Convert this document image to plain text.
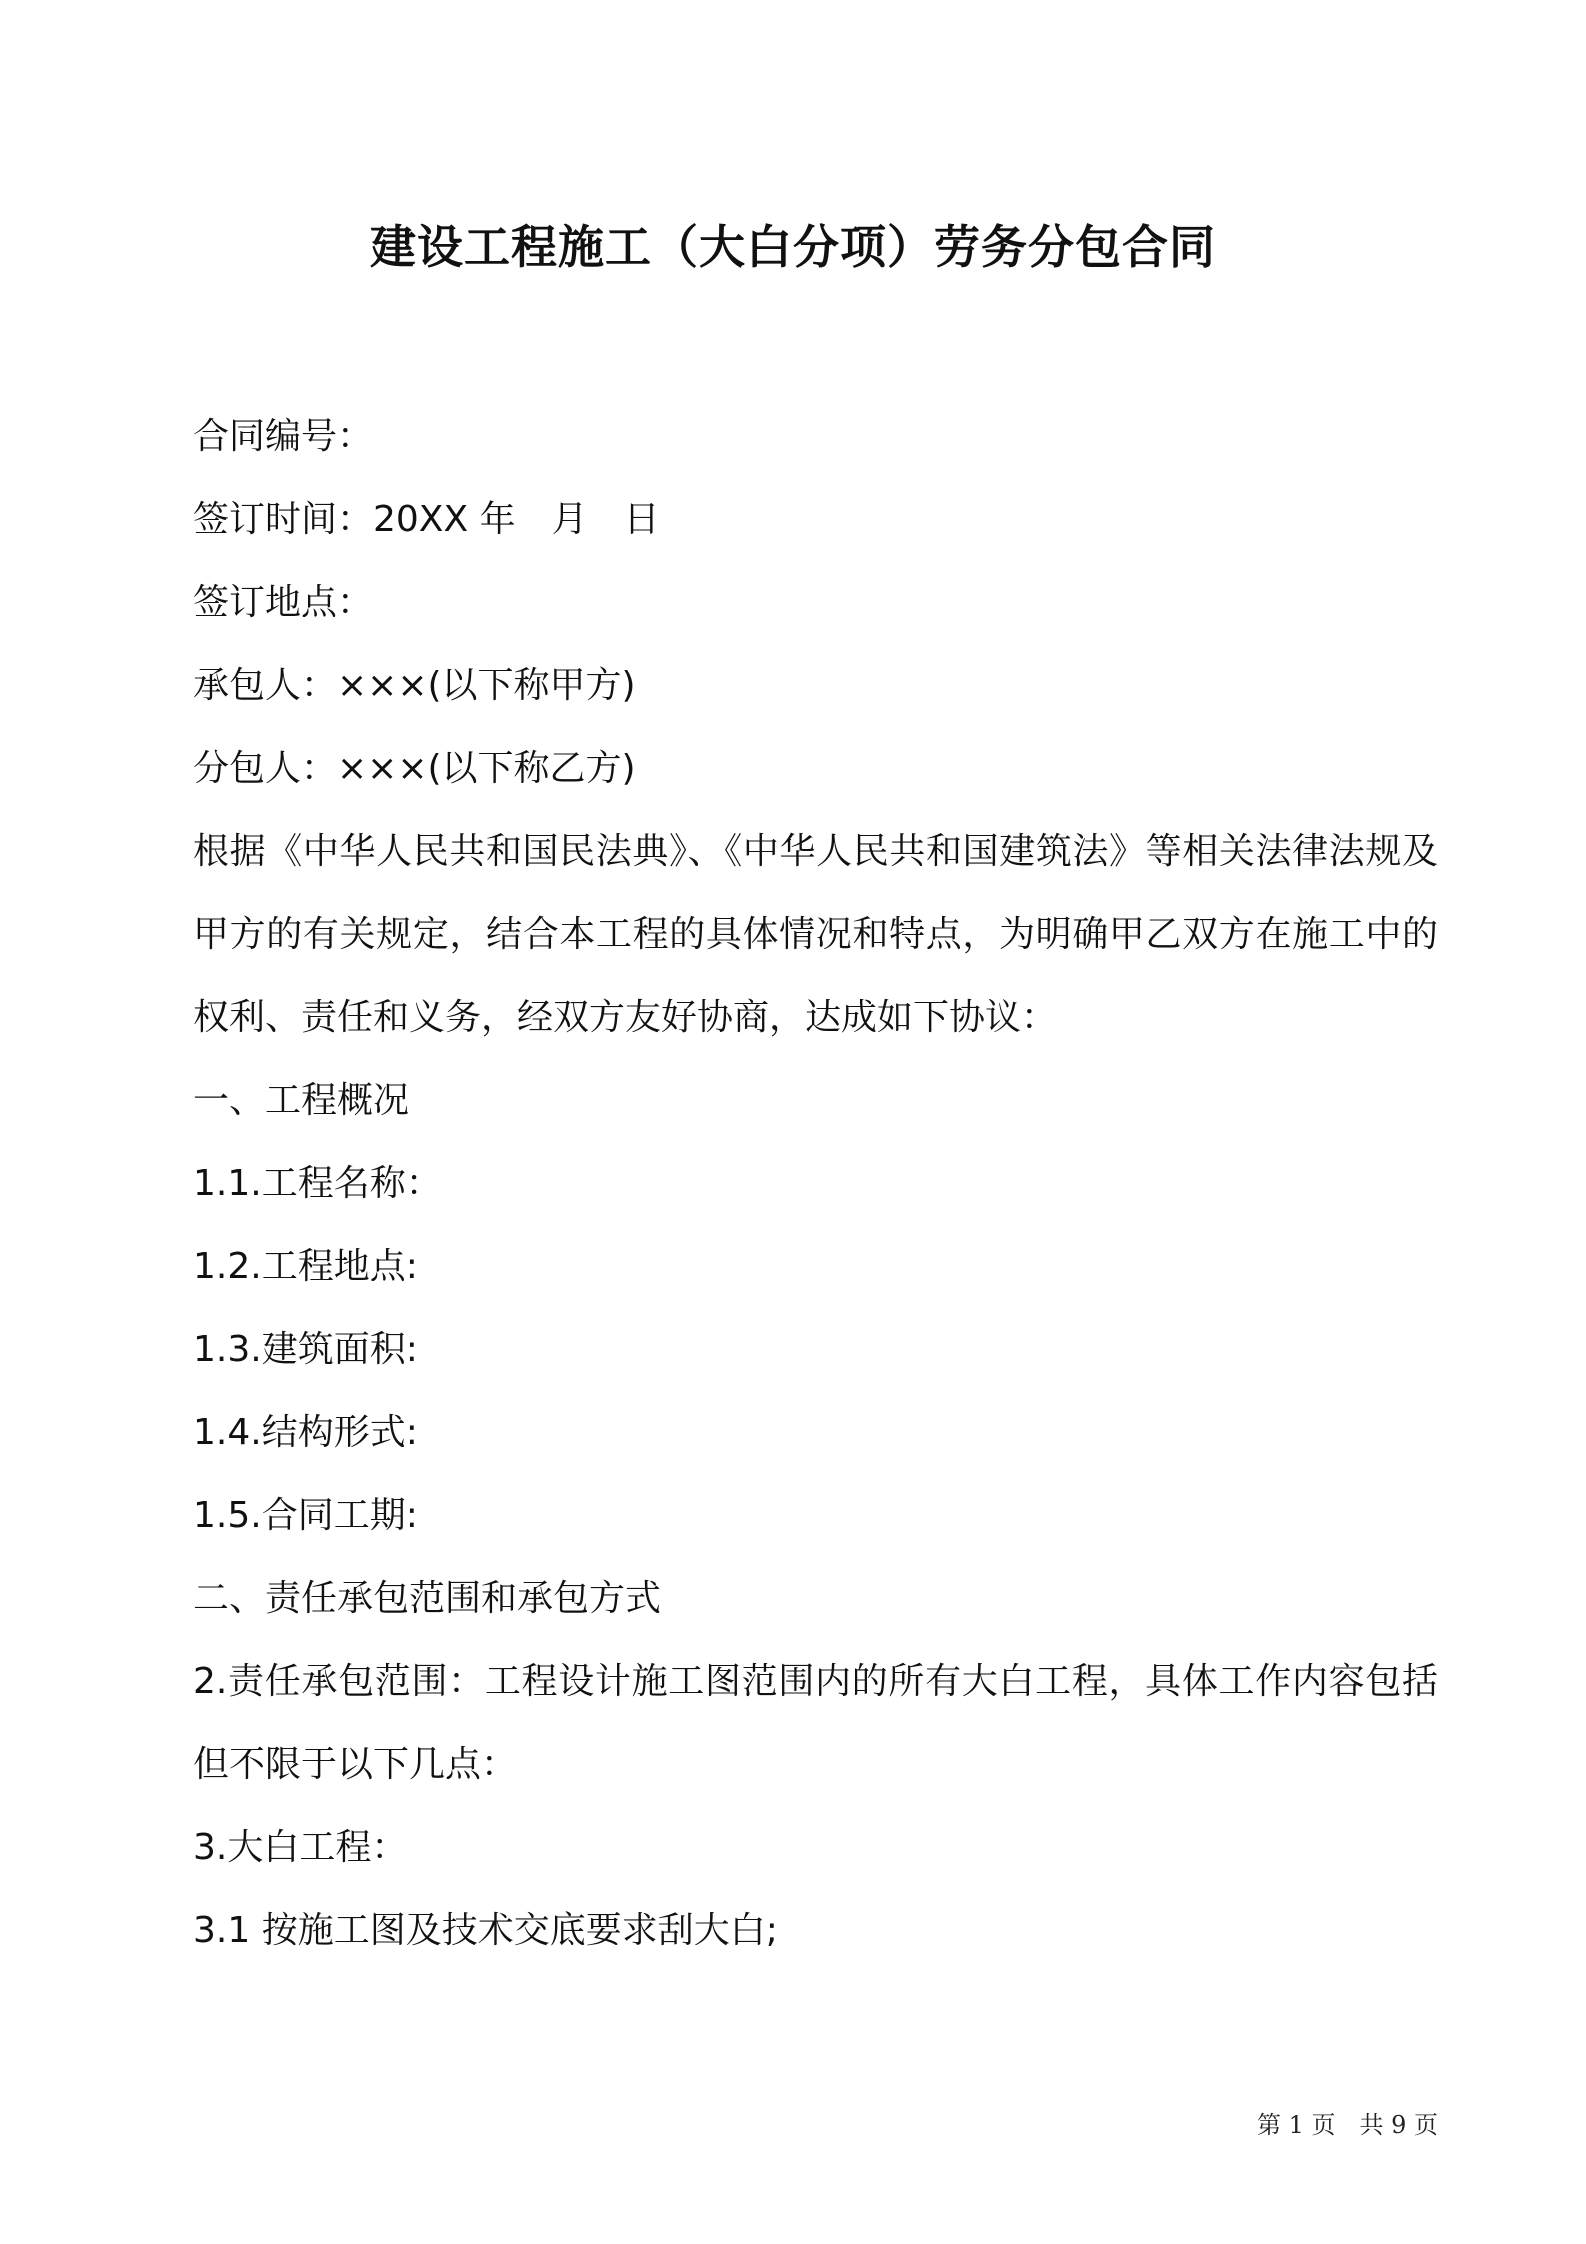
建设工程施工（大白分项）劳务分包合同
合同编号：
签订时间：20XX 年　月　日
签订地点：
承包人：×××(以下称甲方)
分包人：×××(以下称乙方)
根据《中华人民共和国民法典》、《中华人民共和国建筑法》等相关法律法规及甲方的有关规定，结合本工程的具体情况和特点，为明确甲乙双方在施工中的权利、责任和义务，经双方友好协商，达成如下协议：
一、工程概况
1.1.工程名称：
1.2.工程地点:
1.3.建筑面积:
1.4.结构形式:
1.5.合同工期:
二、责任承包范围和承包方式
2.责任承包范围：工程设计施工图范围内的所有大白工程，具体工作内容包括但不限于以下几点：
3.大白工程：
3.1 按施工图及技术交底要求刮大白;
第 1 页　共 9 页
